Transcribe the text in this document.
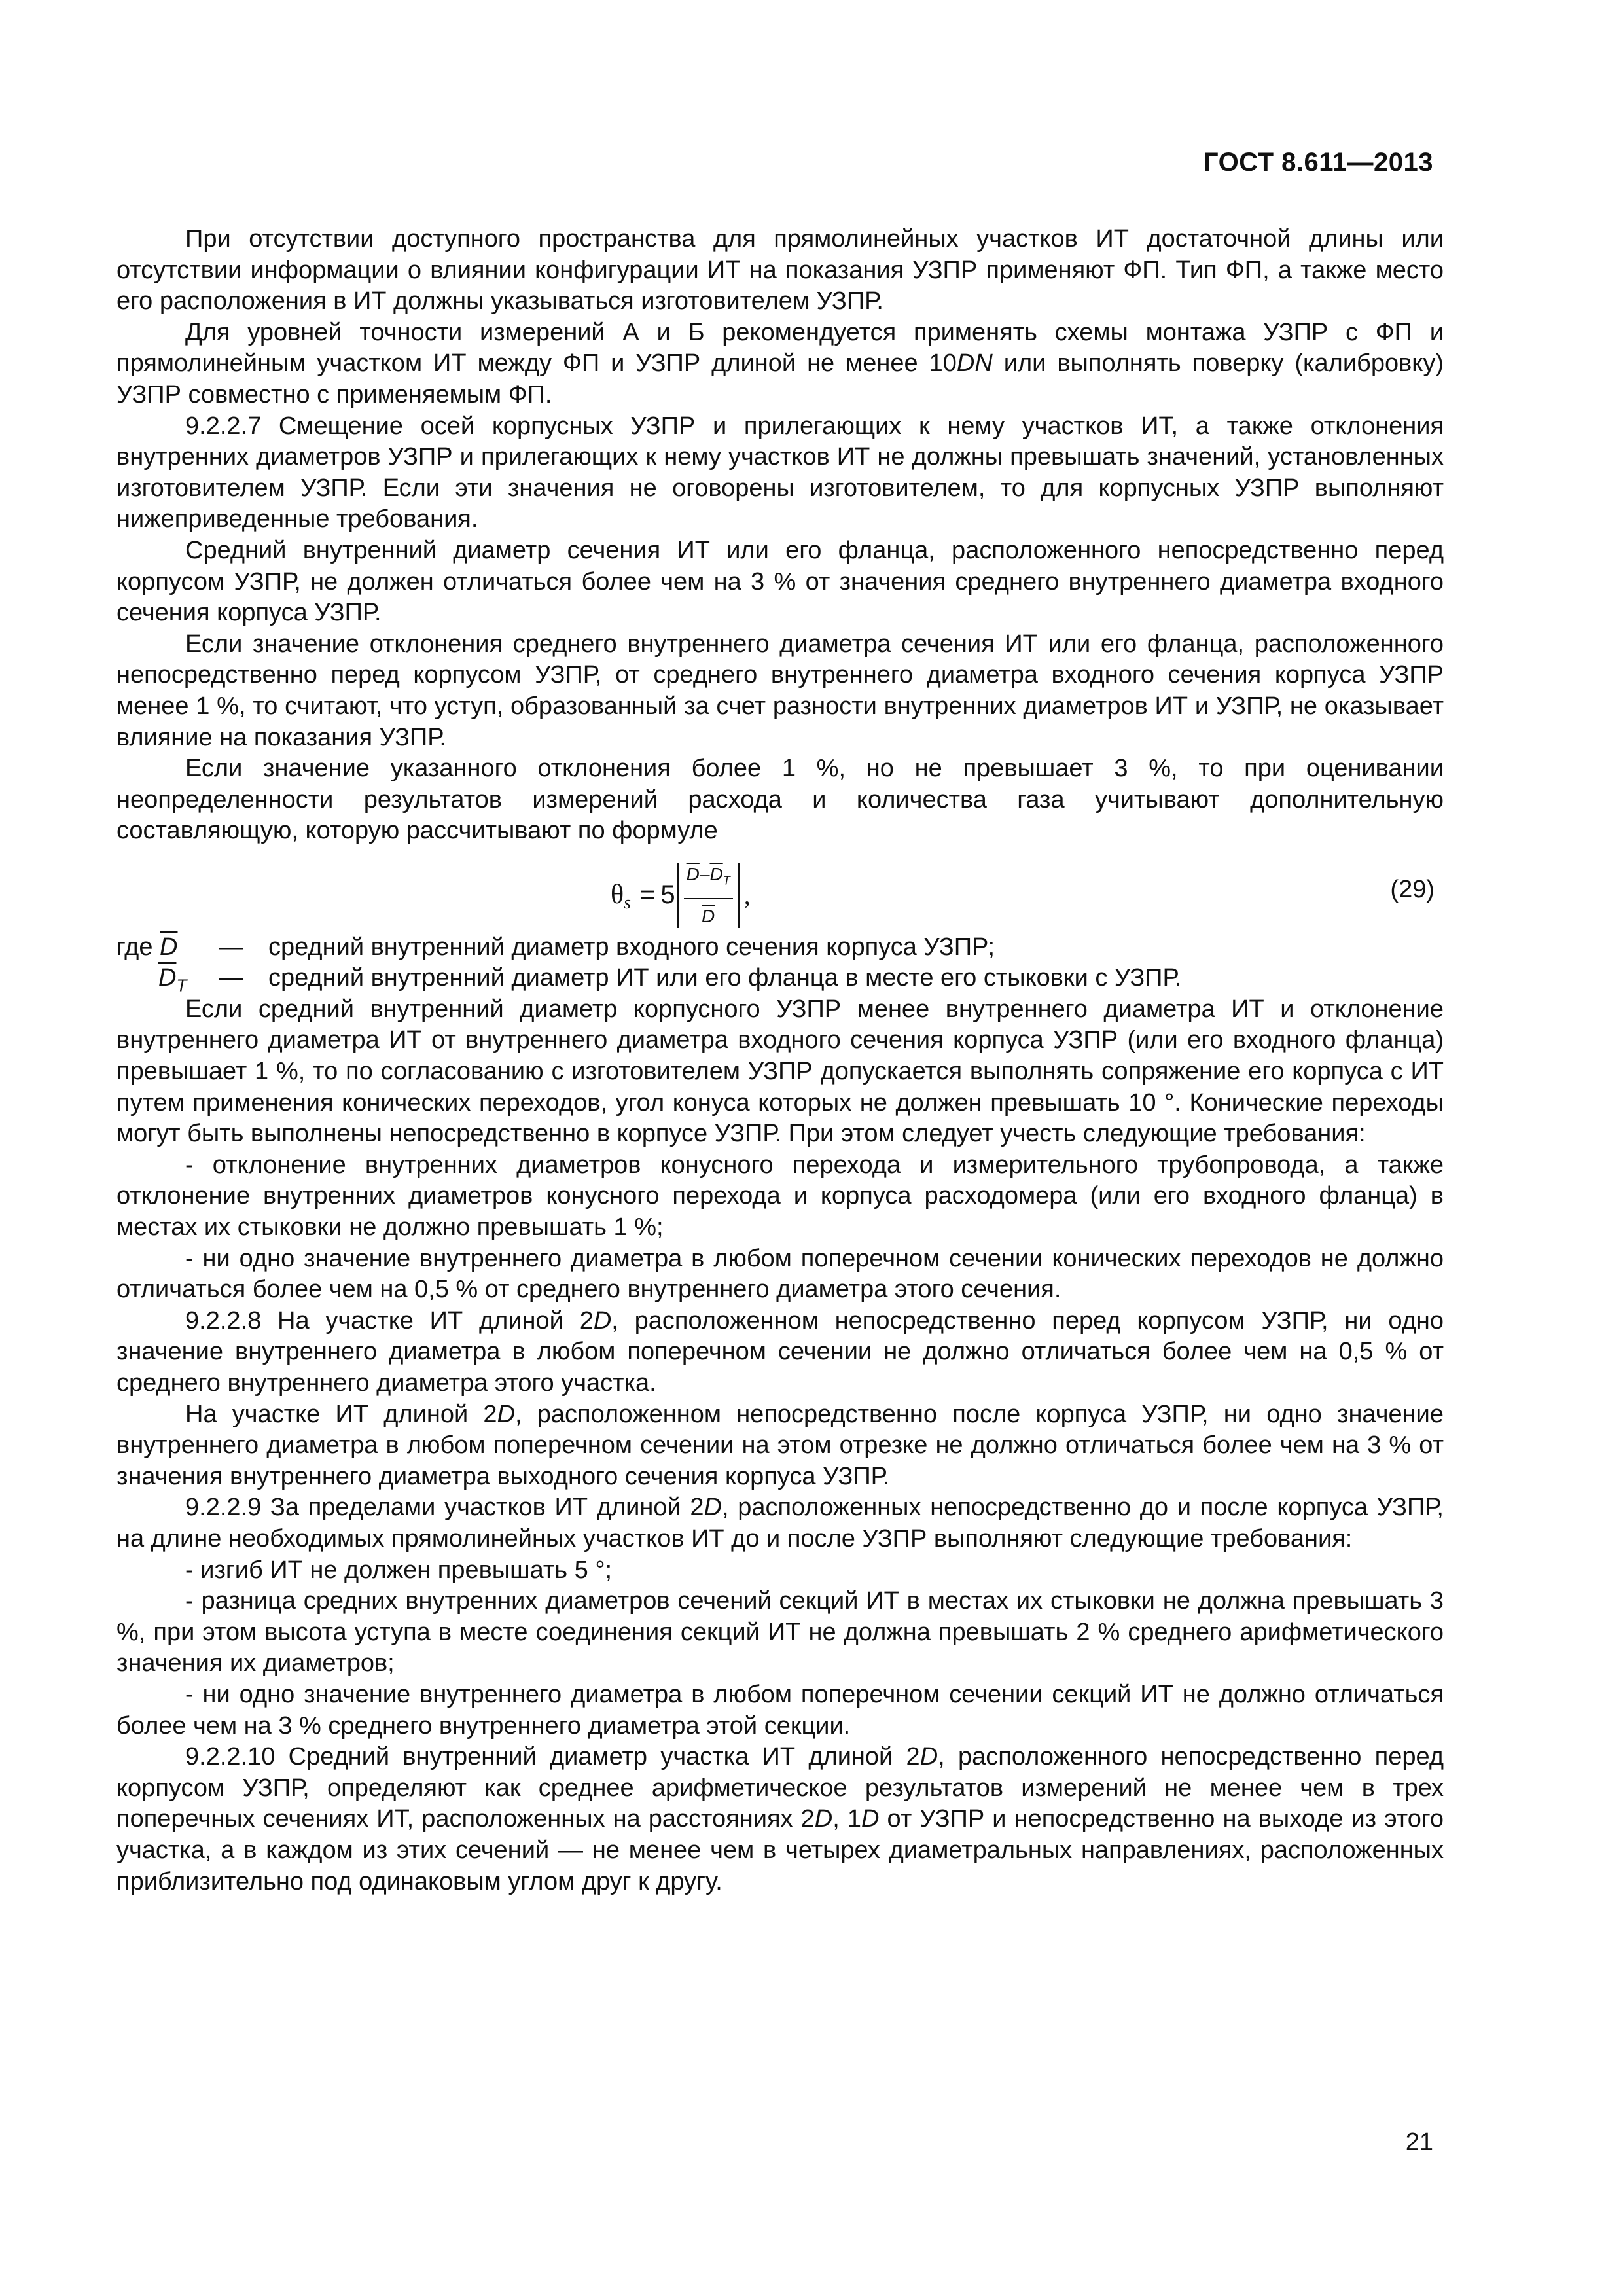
ГОСТ 8.611—2013

При отсутствии доступного пространства для прямолинейных участков ИТ достаточной длины или отсутствии информации о влиянии конфигурации ИТ на показания УЗПР применяют ФП. Тип ФП, а также место его расположения в ИТ должны указываться изготовителем УЗПР.

Для уровней точности измерений А и Б рекомендуется применять схемы монтажа УЗПР с ФП и прямолинейным участком ИТ между ФП и УЗПР длиной не менее 10DN или выполнять поверку (калибровку) УЗПР совместно с применяемым ФП.

9.2.2.7 Смещение осей корпусных УЗПР и прилегающих к нему участков ИТ, а также отклонения внутренних диаметров УЗПР и прилегающих к нему участков ИТ не должны превышать значений, установленных изготовителем УЗПР. Если эти значения не оговорены изготовителем, то для корпусных УЗПР выполняют нижеприведенные требования.

Средний внутренний диаметр сечения ИТ или его фланца, расположенного непосредственно перед корпусом УЗПР, не должен отличаться более чем на 3 % от значения среднего внутреннего диаметра входного сечения корпуса УЗПР.

Если значение отклонения среднего внутреннего диаметра сечения ИТ или его фланца, расположенного непосредственно перед корпусом УЗПР, от среднего внутреннего диаметра входного сечения корпуса УЗПР менее 1 %, то считают, что уступ, образованный за счет разности внутренних диаметров ИТ и УЗПР, не оказывает влияние на показания УЗПР.

Если значение указанного отклонения более 1 %, но не превышает 3 %, то при оценивании неопределенности результатов измерений расхода и количества газа учитывают дополнительную составляющую, которую рассчитывают по формуле

θ $s = 5 \frac{\overline{D}-\overline{D}_T}{D}$ ,	(29)
где
$\overline{D}$ — средний внутренний диаметр входного сечения корпуса УЗПР;
$\overline{D}_T$ — средний внутренний диаметр ИТ или его фланца в месте его стыковки с УЗПР.

Если средний внутренний диаметр корпусного УЗПР менее внутреннего диаметра ИТ и отклонение внутреннего диаметра ИТ от внутреннего диаметра входного сечения корпуса УЗПР (или его входного фланца) превышает 1 %, то по согласованию с изготовителем УЗПР допускается выполнять сопряжение его корпуса с ИТ путем применения конических переходов, угол конуса которых не должен превышать 10 °. Конические переходы могут быть выполнены непосредственно в корпусе УЗПР. При этом следует учесть следующие требования:

- отклонение внутренних диаметров конусного перехода и измерительного трубопровода, а также отклонение внутренних диаметров конусного перехода и корпуса расходомера (или его входного фланца) в местах их стыковки не должно превышать 1 %;

- ни одно значение внутреннего диаметра в любом поперечном сечении конических переходов не должно отличаться более чем на 0,5 % от среднего внутреннего диаметра этого сечения.

9.2.2.8 На участке ИТ длиной 2D, расположенном непосредственно перед корпусом УЗПР, ни одно значение внутреннего диаметра в любом поперечном сечении не должно отличаться более чем на 0,5 % от среднего внутреннего диаметра этого участка.

На участке ИТ длиной 2D, расположенном непосредственно после корпуса УЗПР, ни одно значение внутреннего диаметра в любом поперечном сечении на этом отрезке не должно отличаться более чем на 3 % от значения внутреннего диаметра выходного сечения корпуса УЗПР.

9.2.2.9 За пределами участков ИТ длиной 2D, расположенных непосредственно до и после корпуса УЗПР, на длине необходимых прямолинейных участков ИТ до и после УЗПР выполняют следующие требования:

- изгиб ИТ не должен превышать 5 °;

- разница средних внутренних диаметров сечений секций ИТ в местах их стыковки не должна превышать 3 %, при этом высота уступа в месте соединения секций ИТ не должна превышать 2 % среднего арифметического значения их диаметров;

- ни одно значение внутреннего диаметра в любом поперечном сечении секций ИТ не должно отличаться более чем на 3 % среднего внутреннего диаметра этой секции.

9.2.2.10 Средний внутренний диаметр участка ИТ длиной 2D, расположенного непосредственно перед корпусом УЗПР, определяют как среднее арифметическое результатов измерений не менее чем в трех поперечных сечениях ИТ, расположенных на расстояниях 2D, 1D от УЗПР и непосредственно на выходе из этого участка, а в каждом из этих сечений — не менее чем в четырех диаметральных направлениях, расположенных приблизительно под одинаковым углом друг к другу.

21
